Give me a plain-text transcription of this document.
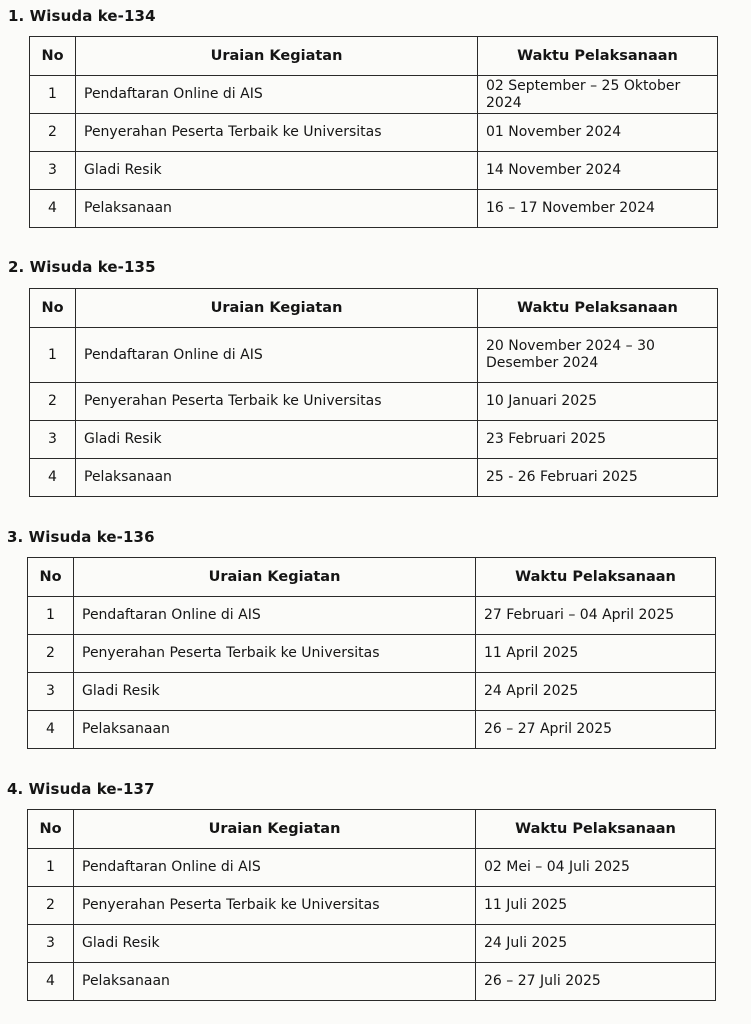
1. Wisuda ke-134
No	Uraian Kegiatan	Waktu Pelaksanaan
1	Pendaftaran Online di AIS	02 September – 25 Oktober 2024
2	Penyerahan Peserta Terbaik ke Universitas	01 November 2024
3	Gladi Resik	14 November 2024
4	Pelaksanaan	16 – 17 November 2024
2. Wisuda ke-135
No	Uraian Kegiatan	Waktu Pelaksanaan
1	Pendaftaran Online di AIS	20 November 2024 – 30 Desember 2024
2	Penyerahan Peserta Terbaik ke Universitas	10 Januari 2025
3	Gladi Resik	23 Februari 2025
4	Pelaksanaan	25 - 26 Februari 2025
3. Wisuda ke-136
No	Uraian Kegiatan	Waktu Pelaksanaan
1	Pendaftaran Online di AIS	27 Februari – 04 April 2025
2	Penyerahan Peserta Terbaik ke Universitas	11 April 2025
3	Gladi Resik	24 April 2025
4	Pelaksanaan	26 – 27 April 2025
4. Wisuda ke-137
No	Uraian Kegiatan	Waktu Pelaksanaan
1	Pendaftaran Online di AIS	02 Mei – 04 Juli 2025
2	Penyerahan Peserta Terbaik ke Universitas	11 Juli 2025
3	Gladi Resik	24 Juli 2025
4	Pelaksanaan	26 – 27 Juli 2025
